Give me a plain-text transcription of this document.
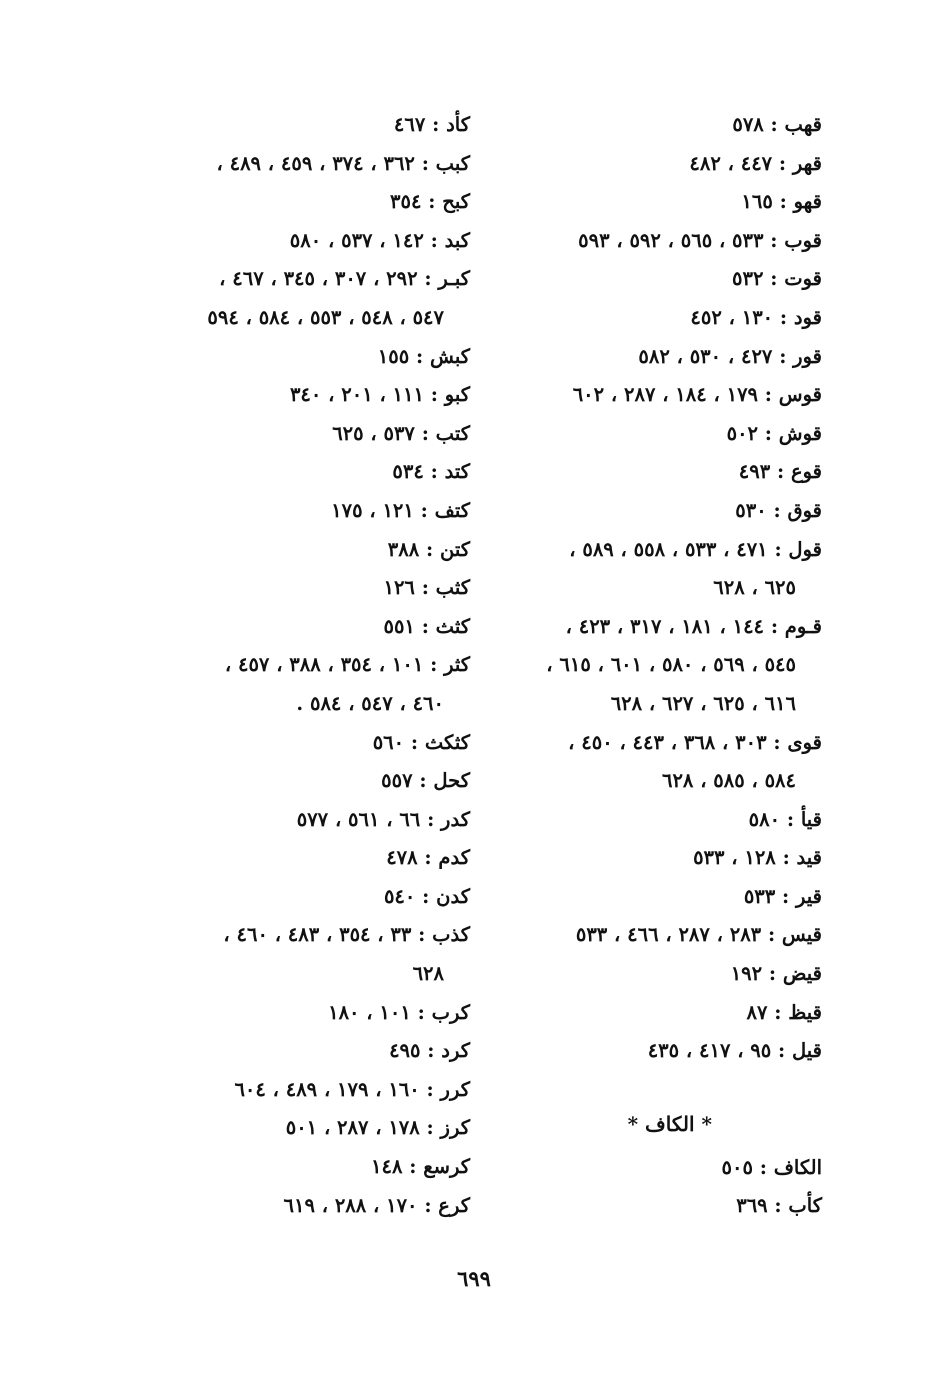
قهب : ٥٧٨
قهر : ٤٤٧ ، ٤٨٢
قهو : ١٦٥
قوب : ٥٣٣ ، ٥٦٥ ، ٥٩٢ ، ٥٩٣
قوت : ٥٣٢
قود : ١٣٠ ، ٤٥٢
قور : ٤٢٧ ، ٥٣٠ ، ٥٨٢
قوس : ١٧٩ ، ١٨٤ ، ٢٨٧ ، ٦٠٢
قوش : ٥٠٢
قوع : ٤٩٣
قوق : ٥٣٠
قول : ٤٧١ ، ٥٣٣ ، ٥٥٨ ، ٥٨٩ ،
٦٢٥ ، ٦٢٨
قـوم : ١٤٤ ، ١٨١ ، ٣١٧ ، ٤٢٣ ،
٥٤٥ ، ٥٦٩ ، ٥٨٠ ، ٦٠١ ، ٦١٥ ،
٦١٦ ، ٦٢٥ ، ٦٢٧ ، ٦٢٨
قوى : ٣٠٣ ، ٣٦٨ ، ٤٤٣ ، ٤٥٠ ،
٥٨٤ ، ٥٨٥ ، ٦٢٨
قيأ : ٥٨٠
قيد : ١٢٨ ، ٥٣٣
قير : ٥٣٣
قيس : ٢٨٣ ، ٢٨٧ ، ٤٦٦ ، ٥٣٣
قيض : ١٩٢
قيظ : ٨٧
قيل : ٩٥ ، ٤١٧ ، ٤٣٥
* الكاف *
الكاف : ٥٠٥
كأب : ٣٦٩
كأد : ٤٦٧
كبب : ٣٦٢ ، ٣٧٤ ، ٤٥٩ ، ٤٨٩ ،
كبح : ٣٥٤
كبد : ١٤٢ ، ٥٣٧ ، ٥٨٠
كبـر : ٢٩٢ ، ٣٠٧ ، ٣٤٥ ، ٤٦٧ ،
٥٤٧ ، ٥٤٨ ، ٥٥٣ ، ٥٨٤ ، ٥٩٤
كبش : ١٥٥
كبو : ١١١ ، ٢٠١ ، ٣٤٠
كتب : ٥٣٧ ، ٦٢٥
كتد : ٥٣٤
كتف : ١٢١ ، ١٧٥
كتن : ٣٨٨
كثب : ١٢٦
كثث : ٥٥١
كثر : ١٠١ ، ٣٥٤ ، ٣٨٨ ، ٤٥٧ ،
٤٦٠ ، ٥٤٧ ، ٥٨٤ .
كثكث : ٥٦٠
كحل : ٥٥٧
كدر : ٦٦ ، ٥٦١ ، ٥٧٧
كدم : ٤٧٨
كدن : ٥٤٠
كذب : ٣٣ ، ٣٥٤ ، ٤٨٣ ، ٤٦٠ ،
٦٢٨
كرب : ١٠١ ، ١٨٠
كرد : ٤٩٥
كرر : ١٦٠ ، ١٧٩ ، ٤٨٩ ، ٦٠٤
كرز : ١٧٨ ، ٢٨٧ ، ٥٠١
كرسع : ١٤٨
كرع : ١٧٠ ، ٢٨٨ ، ٦١٩
٦٩٩
